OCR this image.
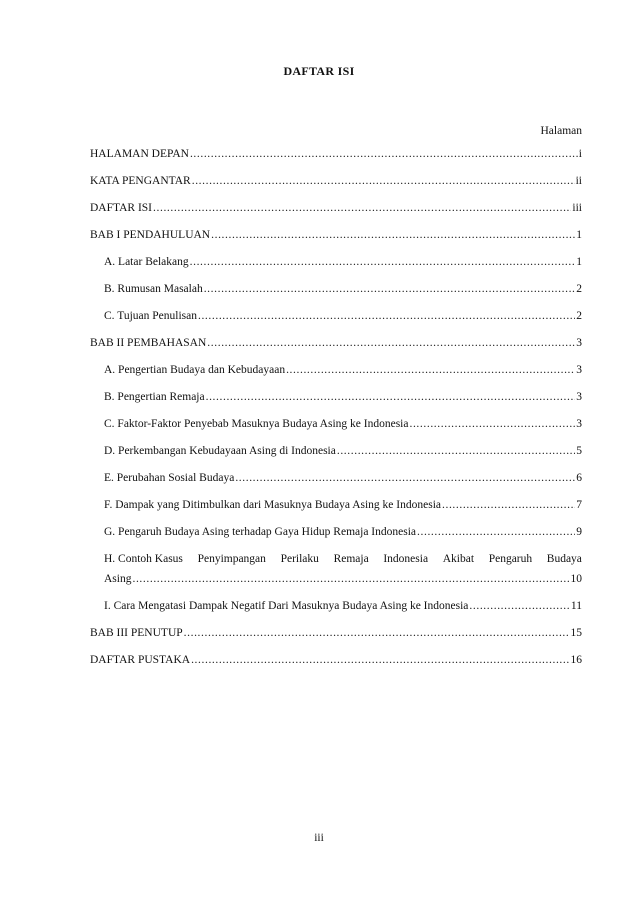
DAFTAR ISI
Halaman
HALAMAN DEPAN .....	i
KATA PENGANTAR .....	ii
DAFTAR ISI .....	iii
BAB I PENDAHULUAN .....	1
A. Latar Belakang .....	1
B. Rumusan Masalah .....	2
C. Tujuan Penulisan .....	2
BAB II PEMBAHASAN .....	3
A. Pengertian Budaya dan Kebudayaan .....	3
B. Pengertian Remaja .....	3
C. Faktor-Faktor Penyebab Masuknya Budaya Asing ke Indonesia .....	3
D. Perkembangan Kebudayaan Asing di Indonesia .....	5
E. Perubahan Sosial Budaya .....	6
F. Dampak yang Ditimbulkan dari Masuknya Budaya Asing ke Indonesia .....	7
G. Pengaruh Budaya Asing terhadap Gaya Hidup Remaja Indonesia .....	9
H. Contoh Kasus Penyimpangan Perilaku Remaja Indonesia Akibat Pengaruh Budaya
Asing .....	10
I. Cara Mengatasi Dampak Negatif Dari Masuknya Budaya Asing ke Indonesia .....	11
BAB III PENUTUP .....	15
DAFTAR PUSTAKA .....	16
iii
